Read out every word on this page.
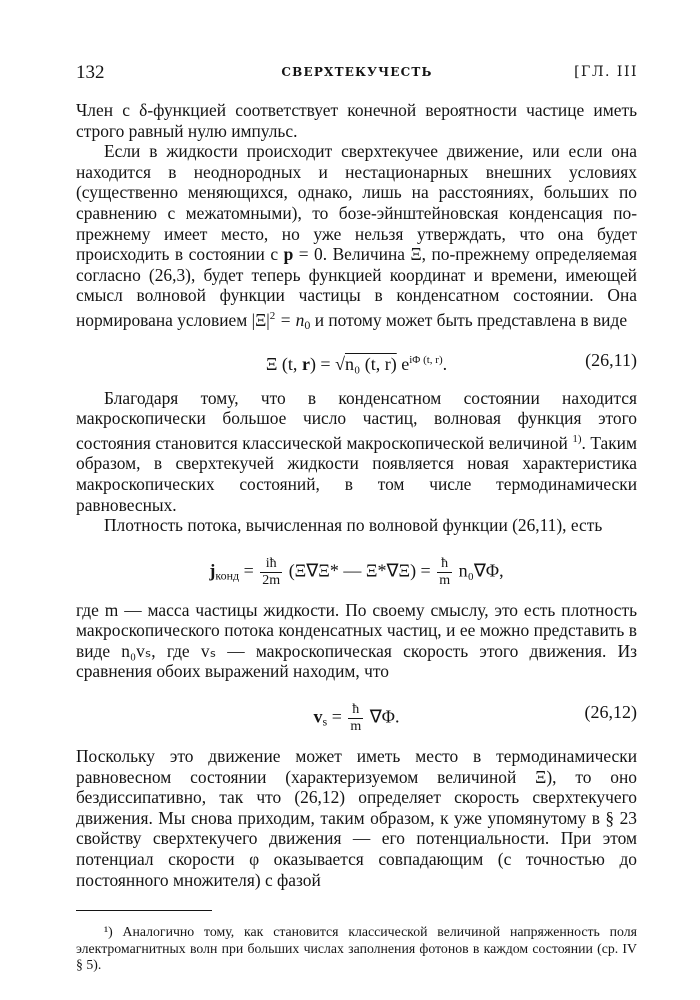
132	СВЕРХТЕКУЧЕСТЬ	[ГЛ. III

Член с δ-функцией соответствует конечной вероятности частице иметь строго равный нулю импульс.

Если в жидкости происходит сверхтекучее движение, или если она находится в неоднородных и нестационарных внешних условиях (существенно меняющихся, однако, лишь на расстояниях, больших по сравнению с межатомными), то бозе-эйнштейновская конденсация по-прежнему имеет место, но уже нельзя утверждать, что она будет происходить в состоянии с p = 0. Величина Ξ, по-прежнему определяемая согласно (26,3), будет теперь функцией координат и времени, имеющей смысл волновой функции частицы в конденсатном состоянии. Она нормирована условием $|\Xi|^2 = n_0$ и потому может быть представлена в виде

Ξ (t, r) = √n₀ (t, r) $e^{i\Phi (t, r)}$.	(26,11)

Благодаря тому, что в конденсатном состоянии находится макроскопически большое число частиц, волновая функция этого состояния становится классической макроскопической величиной $^{1)}$. Таким образом, в сверхтекучей жидкости появляется новая характеристика макроскопических состояний, в том числе термодинамически равновесных.

Плотность потока, вычисленная по волновой функции (26,11), есть

$j_{конд} = \frac{iħ}{2m} (\Xi\nabla\Xi*$ — $\Xi*\nabla\Xi) = \frac{ħ}{m} n_0\nabla\Phi$,

где m — масса частицы жидкости. По своему смыслу, это есть плотность макроскопического потока конденсатных частиц, и ее можно представить в виде n₀vₛ, где vₛ — макроскопическая скорость этого движения. Из сравнения обоих выражений находим, что

$v_s = \frac{ħ}{m} \nabla\Phi$.	(26,12)

Поскольку это движение может иметь место в термодинамически равновесном состоянии (характеризуемом величиной Ξ), то оно бездиссипативно, так что (26,12) определяет скорость сверхтекучего движения. Мы снова приходим, таким образом, к уже упомянутому в § 23 свойству сверхтекучего движения — его потенциальности. При этом потенциал скорости φ оказывается совпадающим (с точностью до постоянного множителя) с фазой

¹) Аналогично тому, как становится классической величиной напряженность поля электромагнитных волн при больших числах заполнения фотонов в каждом состоянии (ср. IV § 5).
